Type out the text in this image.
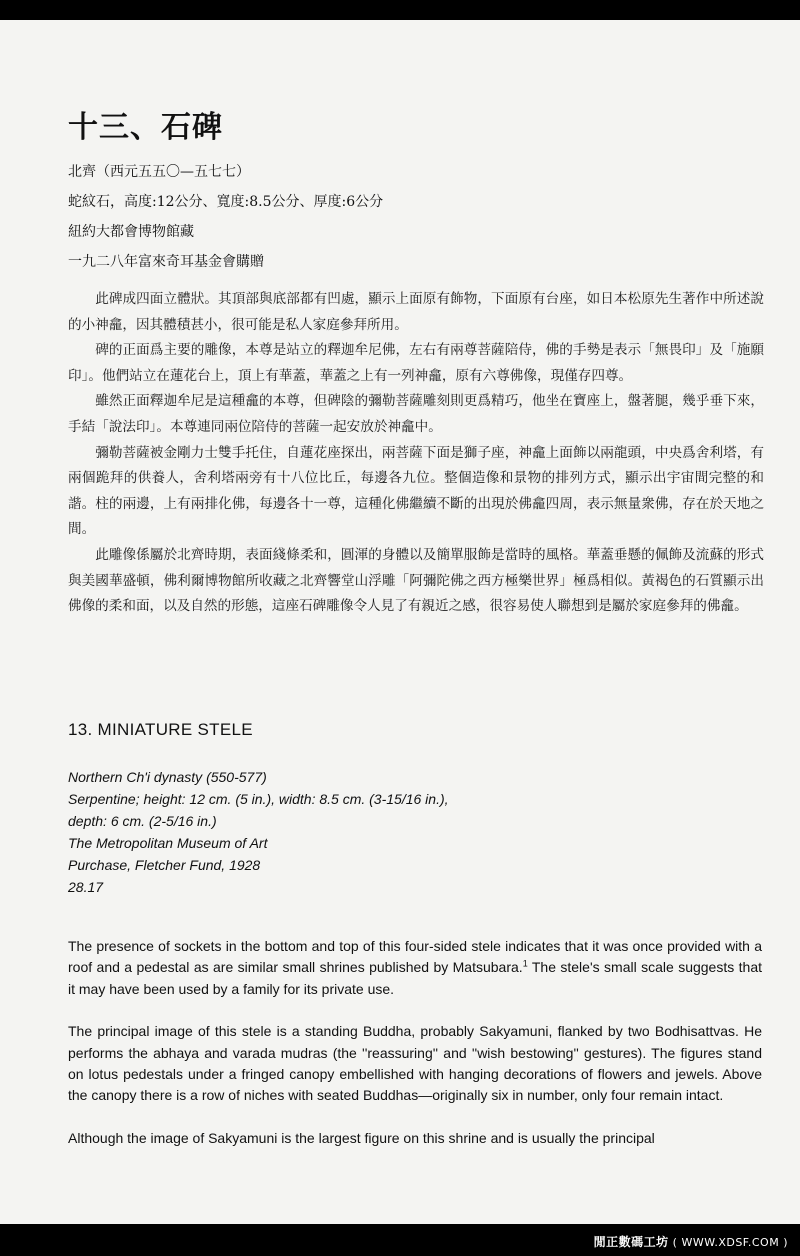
十三、石碑
北齊（西元五五〇—五七七）
蛇紋石，高度:12公分、寬度:8.5公分、厚度:6公分
紐約大都會博物館藏
一九二八年富來奇耳基金會購贈

此碑成四面立體狀。其頂部與底部都有凹處，顯示上面原有飾物，下面原有台座，如日本松原先生著作中所述說的小神龕，因其體積甚小，很可能是私人家庭參拜所用。

碑的正面爲主要的雕像，本尊是站立的釋迦牟尼佛，左右有兩尊菩薩陪侍，佛的手勢是表示「無畏印」及「施願印」。他們站立在蓮花台上，頂上有華蓋，華蓋之上有一列神龕，原有六尊佛像，現僅存四尊。

雖然正面釋迦牟尼是這種龕的本尊，但碑陰的彌勒菩薩雕刻則更爲精巧，他坐在寶座上，盤著腿，幾乎垂下來，手結「說法印」。本尊連同兩位陪侍的菩薩一起安放於神龕中。

彌勒菩薩被金剛力士雙手托住，自蓮花座探出，兩菩薩下面是獅子座，神龕上面飾以兩龍頭，中央爲舍利塔，有兩個跪拜的供養人，舍利塔兩旁有十八位比丘，每邊各九位。整個造像和景物的排列方式，顯示出宇宙間完整的和諧。柱的兩邊，上有兩排化佛，每邊各十一尊，這種化佛繼續不斷的出現於佛龕四周，表示無量衆佛，存在於天地之間。

此雕像係屬於北齊時期，表面綫條柔和，圓渾的身體以及簡單服飾是當時的風格。華蓋垂懸的佩飾及流蘇的形式與美國華盛頓，佛利爾博物館所收藏之北齊響堂山浮雕「阿彌陀佛之西方極樂世界」極爲相似。黃褐色的石質顯示出佛像的柔和面，以及自然的形態，這座石碑雕像令人見了有親近之感，很容易使人聯想到是屬於家庭參拜的佛龕。

13. MINIATURE STELE
Northern Ch'i dynasty (550-577)
Serpentine; height: 12 cm. (5 in.), width: 8.5 cm. (3-15/16 in.),
depth: 6 cm. (2-5/16 in.)
The Metropolitan Museum of Art
Purchase, Fletcher Fund, 1928
28.17

The presence of sockets in the bottom and top of this four-sided stele indicates that it was once provided with a roof and a pedestal as are similar small shrines published by Matsubara.$^1$ The stele's small scale suggests that it may have been used by a family for its private use.

The principal image of this stele is a standing Buddha, probably Sakyamuni, flanked by two Bodhisattvas. He performs the abhaya and varada mudras (the ''reassuring'' and ''wish bestowing'' gestures). The figures stand on lotus pedestals under a fringed canopy embellished with hanging decorations of flowers and jewels. Above the canopy there is a row of niches with seated Buddhas—originally six in number, only four remain intact.

Although the image of Sakyamuni is the largest figure on this shrine and is usually the principal

閒正數碼工坊 ( WWW.XDSF.COM )
